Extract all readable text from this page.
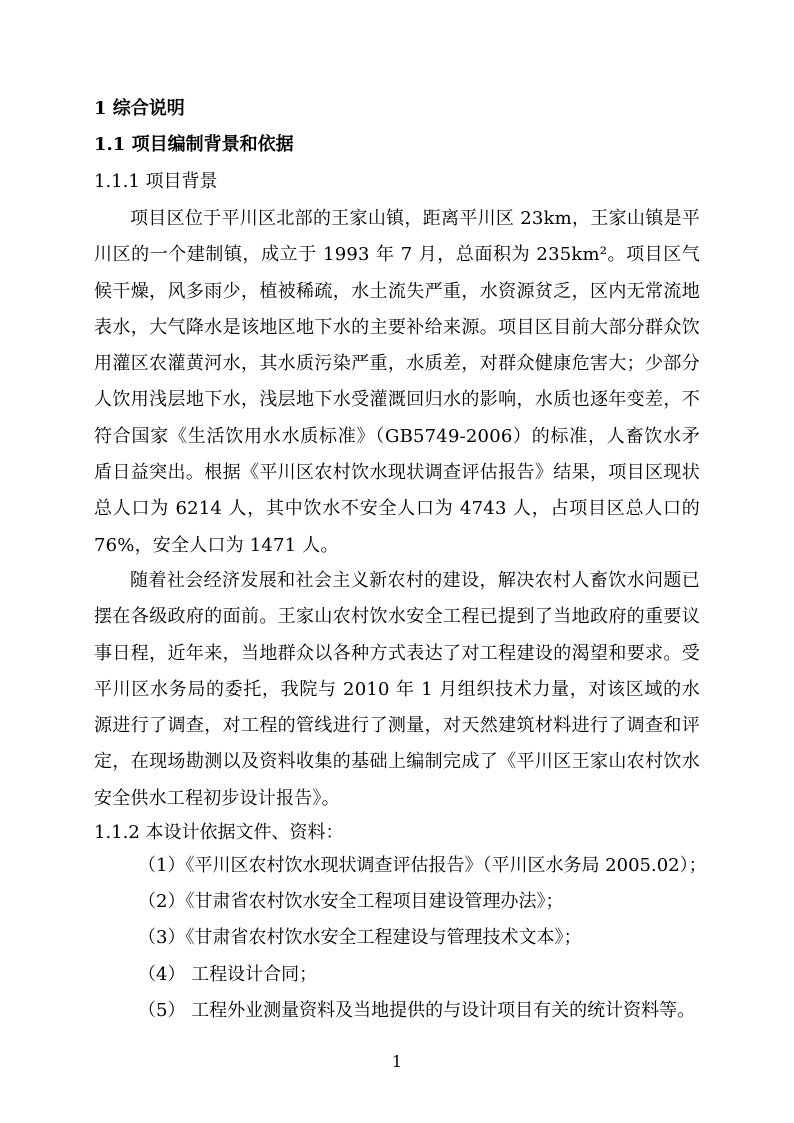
1 综合说明
1.1 项目编制背景和依据
1.1.1 项目背景

项目区位于平川区北部的王家山镇，距离平川区 23km，王家山镇是平川区的一个建制镇，成立于 1993 年 7 月，总面积为 235km²。项目区气候干燥，风多雨少，植被稀疏，水土流失严重，水资源贫乏，区内无常流地表水，大气降水是该地区地下水的主要补给来源。项目区目前大部分群众饮用灌区农灌黄河水，其水质污染严重，水质差，对群众健康危害大；少部分人饮用浅层地下水，浅层地下水受灌溉回归水的影响，水质也逐年变差，不符合国家《生活饮用水水质标准》（GB5749-2006）的标准，人畜饮水矛盾日益突出。根据《平川区农村饮水现状调查评估报告》结果，项目区现状总人口为 6214 人，其中饮水不安全人口为 4743 人，占项目区总人口的 76%，安全人口为 1471 人。

随着社会经济发展和社会主义新农村的建设，解决农村人畜饮水问题已摆在各级政府的面前。王家山农村饮水安全工程已提到了当地政府的重要议事日程，近年来，当地群众以各种方式表达了对工程建设的渴望和要求。受平川区水务局的委托，我院与 2010 年 1 月组织技术力量，对该区域的水源进行了调查，对工程的管线进行了测量，对天然建筑材料进行了调查和评定，在现场勘测以及资料收集的基础上编制完成了《平川区王家山农村饮水安全供水工程初步设计报告》。

1.1.2 本设计依据文件、资料：
（1）《平川区农村饮水现状调查评估报告》（平川区水务局 2005.02）；
（2）《甘肃省农村饮水安全工程项目建设管理办法》；
（3）《甘肃省农村饮水安全工程建设与管理技术文本》；
（4） 工程设计合同；
（5） 工程外业测量资料及当地提供的与设计项目有关的统计资料等。
1
